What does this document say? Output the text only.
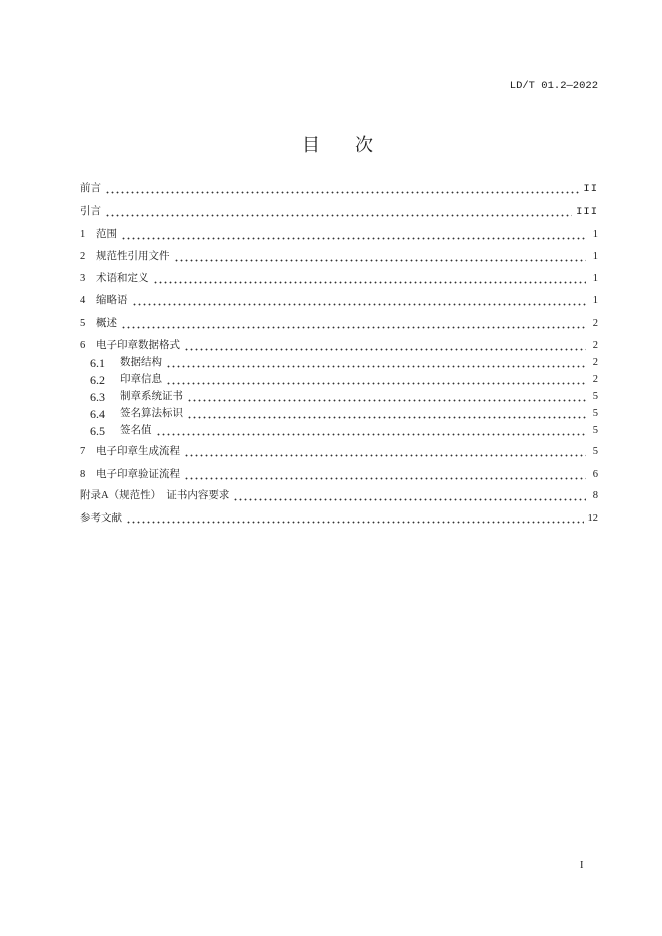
LD/T 01.2—2022
目次
前言	II
引言	III
1	范围	1
2	规范性引用文件	1
3	术语和定义	1
4	缩略语	1
5	概述	2
6	电子印章数据格式	2
6.1	数据结构	2
6.2	印章信息	2
6.3	制章系统证书	5
6.4	签名算法标识	5
6.5	签名值	5
7	电子印章生成流程	5
8	电子印章验证流程	6
附录A（规范性）　证书内容要求	8
参考文献	12
I
